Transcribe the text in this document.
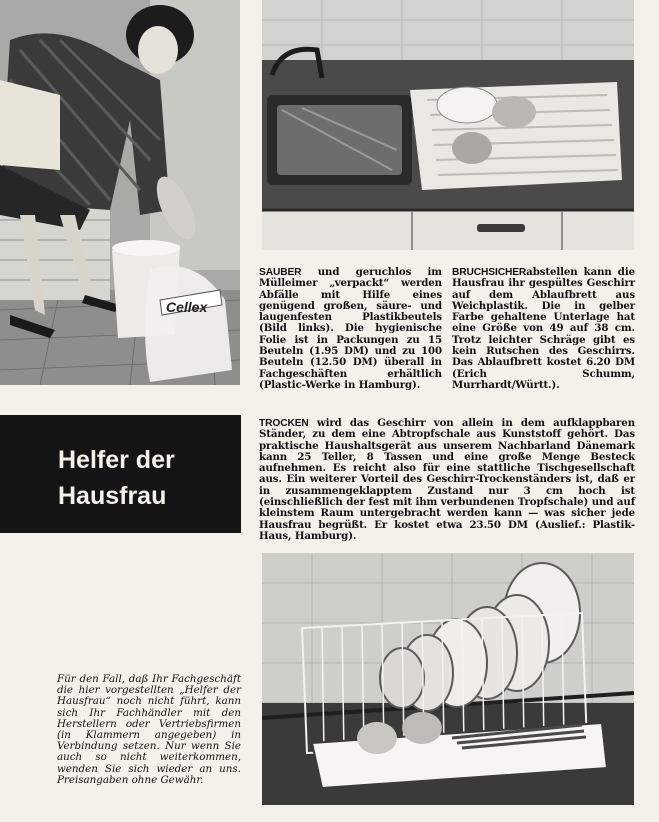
Cellex
SAUBER und geruchlos im Mülleimer „verpackt“ werden Abfälle mit Hilfe eines genügend großen, säure- und laugenfesten Plastikbeutels (Bild links). Die hygienische Folie ist in Packungen zu 15 Beuteln (1.95 DM) und zu 100 Beuteln (12.50 DM) überall in Fachgeschäften erhältlich (Plastic-Werke in Hamburg).
BRUCHSICHERabstellen kann die Hausfrau ihr gespültes Geschirr auf dem Ablaufbrett aus Weichplastik. Die in gelber Farbe gehaltene Unterlage hat eine Größe von 49 auf 38 cm. Trotz leichter Schräge gibt es kein Rutschen des Geschirrs. Das Ablaufbrett kostet 6.20 DM (Erich Schumm, Murrhardt/Württ.).
Helfer der
Hausfrau
TROCKEN wird das Geschirr von allein in dem aufklappbaren Ständer, zu dem eine Abtropfschale aus Kunststoff gehört. Das praktische Haushaltsgerät aus unserem Nachbarland Dänemark kann 25 Teller, 8 Tassen und eine große Menge Besteck aufnehmen. Es reicht also für eine stattliche Tischgesellschaft aus. Ein weiterer Vorteil des Geschirr-Trockenständers ist, daß er in zusammengeklapptem Zustand nur 3 cm hoch ist (einschließlich der fest mit ihm verbundenen Tropfschale) und auf kleinstem Raum untergebracht werden kann — was sicher jede Hausfrau begrüßt. Er kostet etwa 23.50 DM (Auslief.: Plastik-Haus, Hamburg).
Für den Fall, daß Ihr Fachgeschäft die hier vorgestellten „Helfer der Hausfrau“ noch nicht führt, kann sich Ihr Fachhändler mit den Herstellern oder Vertriebsfirmen (in Klammern angegeben) in Verbindung setzen. Nur wenn Sie auch so nicht weiterkommen, wenden Sie sich wieder an uns. Preisangaben ohne Gewähr.
